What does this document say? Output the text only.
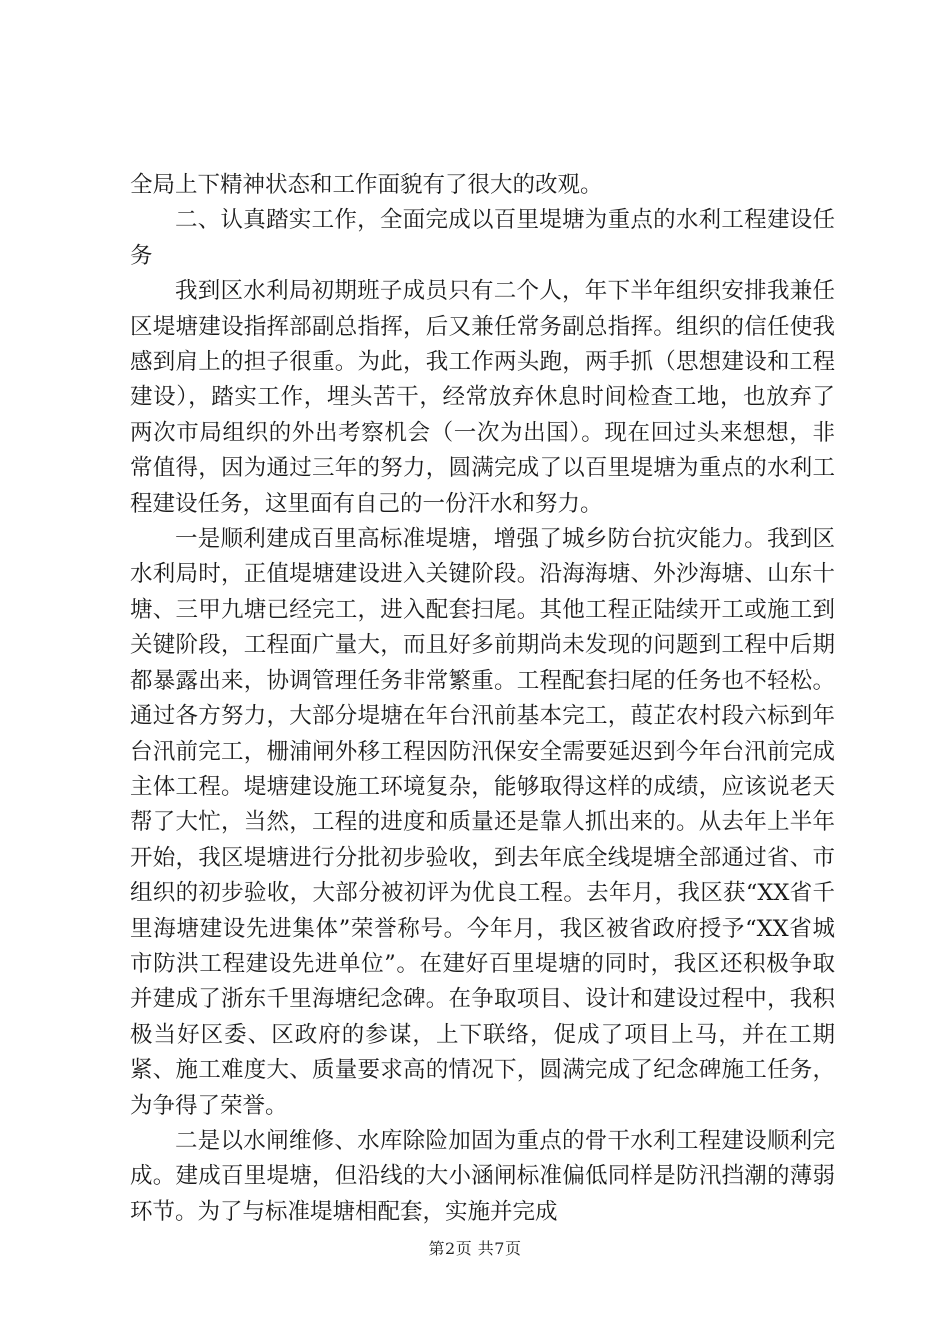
全局上下精神状态和工作面貌有了很大的改观。

二、认真踏实工作，全面完成以百里堤塘为重点的水利工程建设任务

我到区水利局初期班子成员只有二个人，年下半年组织安排我兼任区堤塘建设指挥部副总指挥，后又兼任常务副总指挥。组织的信任使我感到肩上的担子很重。为此，我工作两头跑，两手抓（思想建设和工程建设），踏实工作，埋头苦干，经常放弃休息时间检查工地，也放弃了两次市局组织的外出考察机会（一次为出国）。现在回过头来想想，非常值得，因为通过三年的努力，圆满完成了以百里堤塘为重点的水利工程建设任务，这里面有自己的一份汗水和努力。

一是顺利建成百里高标准堤塘，增强了城乡防台抗灾能力。我到区水利局时，正值堤塘建设进入关键阶段。沿海海塘、外沙海塘、山东十塘、三甲九塘已经完工，进入配套扫尾。其他工程正陆续开工或施工到关键阶段，工程面广量大，而且好多前期尚未发现的问题到工程中后期都暴露出来，协调管理任务非常繁重。工程配套扫尾的任务也不轻松。通过各方努力，大部分堤塘在年台汛前基本完工，葭芷农村段六标到年台汛前完工，栅浦闸外移工程因防汛保安全需要延迟到今年台汛前完成主体工程。堤塘建设施工环境复杂，能够取得这样的成绩，应该说老天帮了大忙，当然，工程的进度和质量还是靠人抓出来的。从去年上半年开始，我区堤塘进行分批初步验收，到去年底全线堤塘全部通过省、市组织的初步验收，大部分被初评为优良工程。去年月，我区获“XX省千里海塘建设先进集体”荣誉称号。今年月，我区被省政府授予“XX省城市防洪工程建设先进单位”。在建好百里堤塘的同时，我区还积极争取并建成了浙东千里海塘纪念碑。在争取项目、设计和建设过程中，我积极当好区委、区政府的参谋，上下联络，促成了项目上马，并在工期紧、施工难度大、质量要求高的情况下，圆满完成了纪念碑施工任务，为争得了荣誉。

二是以水闸维修、水库除险加固为重点的骨干水利工程建设顺利完成。建成百里堤塘，但沿线的大小涵闸标准偏低同样是防汛挡潮的薄弱环节。为了与标准堤塘相配套，实施并完成

第2页 共7页
